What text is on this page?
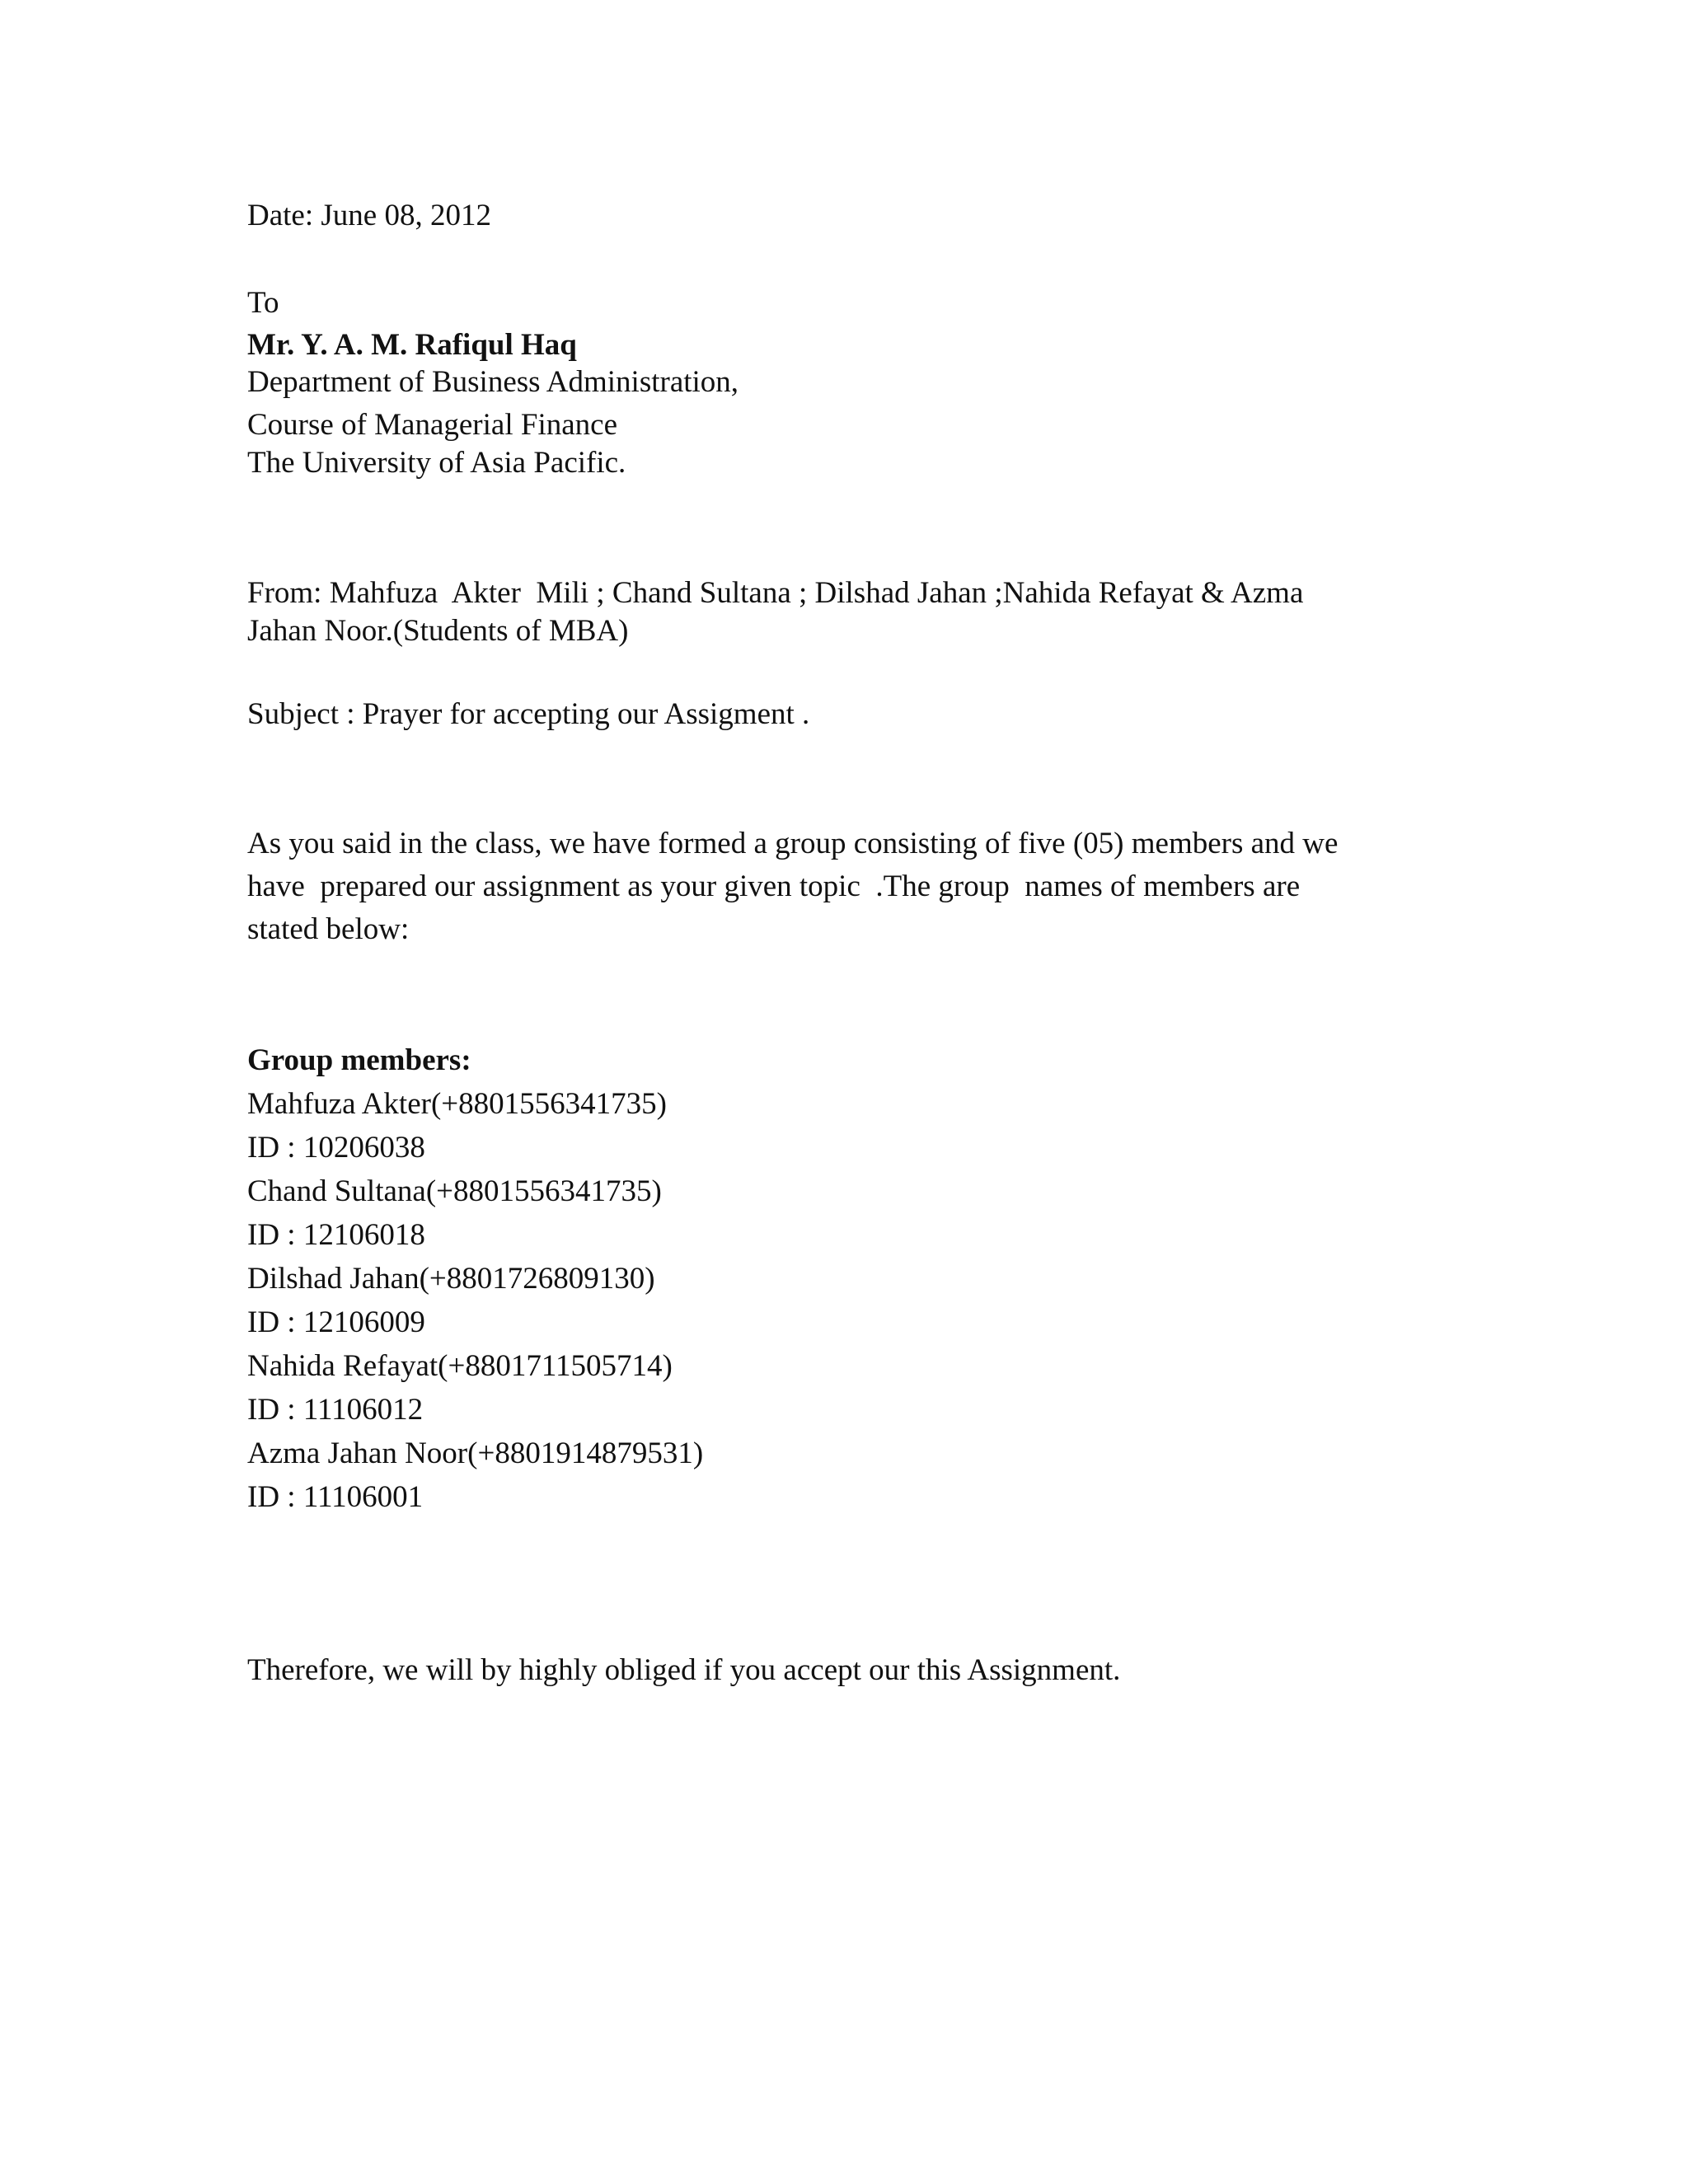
Date: June 08, 2012

To

Mr. Y. A. M. Rafiqul Haq

Department of Business Administration,

Course of Managerial Finance

The University of Asia Pacific.

From: Mahfuza  Akter  Mili ; Chand Sultana ; Dilshad Jahan ;Nahida Refayat & Azma

Jahan Noor.(Students of MBA)

Subject : Prayer for accepting our Assigment .

As you said in the class, we have formed a group consisting of five (05) members and we

have  prepared our assignment as your given topic  .The group  names of members are

stated below:

Group members:

Mahfuza Akter(+8801556341735)

ID : 10206038

Chand Sultana(+8801556341735)

ID : 12106018

Dilshad Jahan(+8801726809130)

ID : 12106009

Nahida Refayat(+8801711505714)

ID : 11106012

Azma Jahan Noor(+8801914879531)

ID : 11106001

Therefore, we will by highly obliged if you accept our this Assignment.
